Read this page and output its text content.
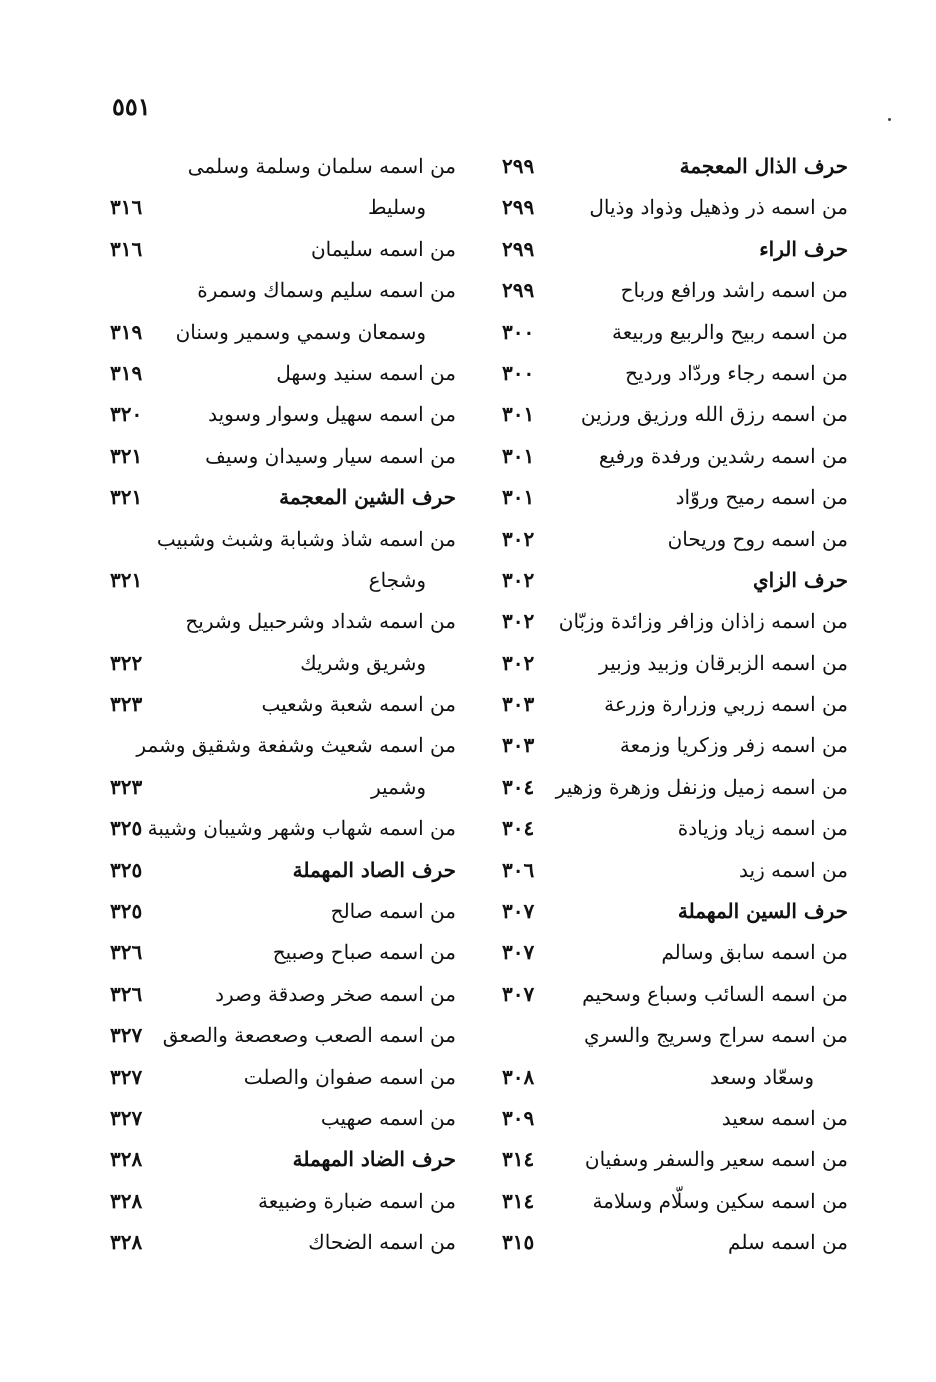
٥٥١
حرف الذال المعجمة
٢٩٩
من اسمه ذر وذهيل وذواد وذيال
٢٩٩
حرف الراء
٢٩٩
من اسمه راشد ورافع ورباح
٢٩٩
من اسمه ربيح والربيع وربيعة
٣٠٠
من اسمه رجاء وردّاد ورديح
٣٠٠
من اسمه رزق الله ورزيق ورزين
٣٠١
من اسمه رشدين ورفدة ورفيع
٣٠١
من اسمه رميح وروّاد
٣٠١
من اسمه روح وريحان
٣٠٢
حرف الزاي
٣٠٢
من اسمه زاذان وزافر وزائدة وزبّان
٣٠٢
من اسمه الزبرقان وزبيد وزبير
٣٠٢
من اسمه زربي وزرارة وزرعة
٣٠٣
من اسمه زفر وزكريا وزمعة
٣٠٣
من اسمه زميل وزنفل وزهرة وزهير
٣٠٤
من اسمه زياد وزيادة
٣٠٤
من اسمه زيد
٣٠٦
حرف السين المهملة
٣٠٧
من اسمه سابق وسالم
٣٠٧
من اسمه السائب وسباع وسحيم
٣٠٧
من اسمه سراج وسريج والسري
وسعّاد وسعد
٣٠٨
من اسمه سعيد
٣٠٩
من اسمه سعير والسفر وسفيان
٣١٤
من اسمه سكين وسلّام وسلامة
٣١٤
من اسمه سلم
٣١٥
من اسمه سلمان وسلمة وسلمى
وسليط
٣١٦
من اسمه سليمان
٣١٦
من اسمه سليم وسماك وسمرة
وسمعان وسمي وسمير وسنان
٣١٩
من اسمه سنيد وسهل
٣١٩
من اسمه سهيل وسوار وسويد
٣٢٠
من اسمه سيار وسيدان وسيف
٣٢١
حرف الشين المعجمة
٣٢١
من اسمه شاذ وشبابة وشبث وشبيب
وشجاع
٣٢١
من اسمه شداد وشرحبيل وشريح
وشريق وشريك
٣٢٢
من اسمه شعبة وشعيب
٣٢٣
من اسمه شعيث وشفعة وشقيق وشمر
وشمير
٣٢٣
من اسمه شهاب وشهر وشيبان وشيبة
٣٢٥
حرف الصاد المهملة
٣٢٥
من اسمه صالح
٣٢٥
من اسمه صباح وصبيح
٣٢٦
من اسمه صخر وصدقة وصرد
٣٢٦
من اسمه الصعب وصعصعة والصعق
٣٢٧
من اسمه صفوان والصلت
٣٢٧
من اسمه صهيب
٣٢٧
حرف الضاد المهملة
٣٢٨
من اسمه ضبارة وضبيعة
٣٢٨
من اسمه الضحاك
٣٢٨
